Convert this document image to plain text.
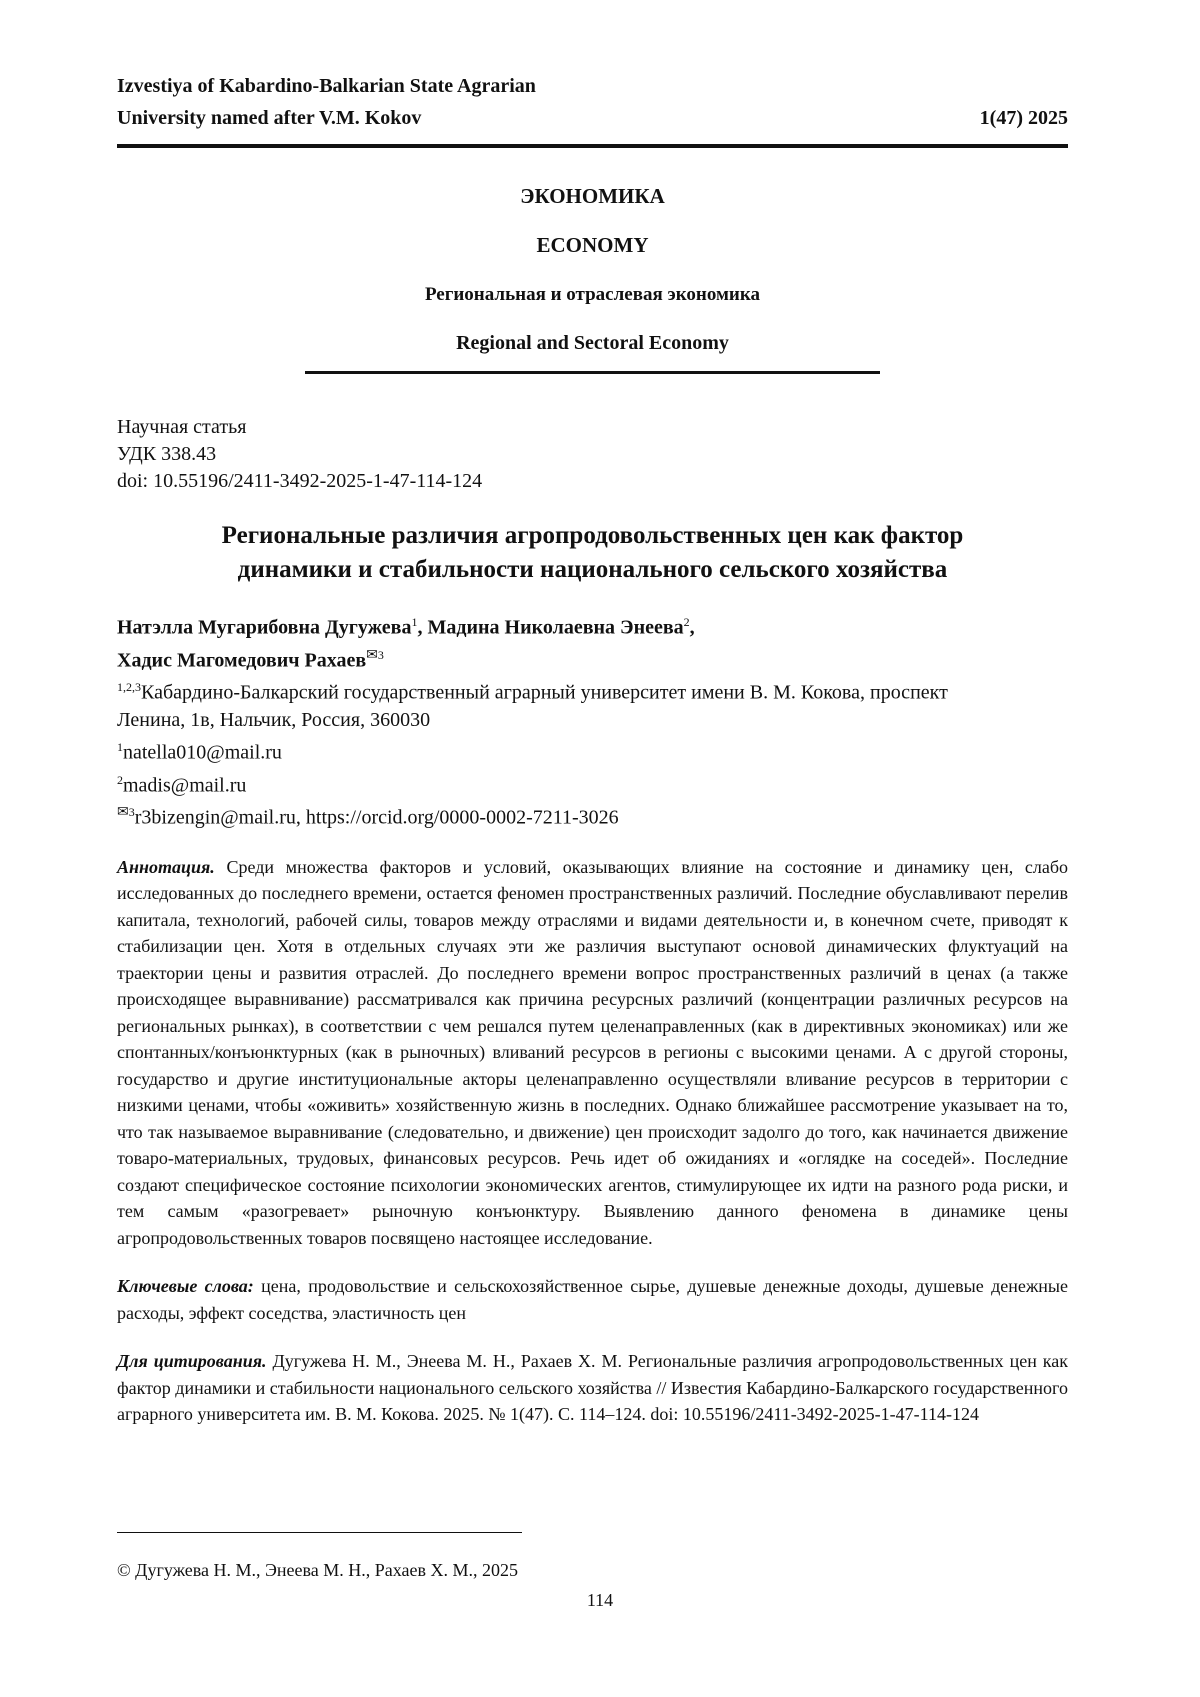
Izvestiya of Kabardino-Balkarian State Agrarian
University named after V.M. Kokov	1(47) 2025
ЭКОНОМИКА
ECONOMY
Региональная и отраслевая экономика
Regional and Sectoral Economy
Научная статья
УДК 338.43
doi: 10.55196/2411-3492-2025-1-47-114-124
Региональные различия агропродовольственных цен как фактор
динамики и стабильности национального сельского хозяйства
Натэлла Мугарибовна Дугужева1, Мадина Николаевна Энеева2,
Хадис Магомедович Рахаев✉3
1,2,3Кабардино-Балкарский государственный аграрный университет имени В. М. Кокова, проспект
Ленина, 1в, Нальчик, Россия, 360030
1natella010@mail.ru
2madis@mail.ru
✉3r3bizengin@mail.ru, https://orcid.org/0000-0002-7211-3026
Аннотация. Среди множества факторов и условий, оказывающих влияние на состояние и динамику цен, слабо исследованных до последнего времени, остается феномен пространственных различий. Последние обуславливают перелив капитала, технологий, рабочей силы, товаров между отраслями и видами деятельности и, в конечном счете, приводят к стабилизации цен. Хотя в отдельных случаях эти же различия выступают основой динамических флуктуаций на траектории цены и развития отраслей. До последнего времени вопрос пространственных различий в ценах (а также происходящее выравнивание) рассматривался как причина ресурсных различий (концентрации различных ресурсов на региональных рынках), в соответствии с чем решался путем целенаправленных (как в директивных экономиках) или же спонтанных/конъюнктурных (как в рыночных) вливаний ресурсов в регионы с высокими ценами. А с другой стороны, государство и другие институциональные акторы целенаправленно осуществляли вливание ресурсов в территории с низкими ценами, чтобы «оживить» хозяйственную жизнь в последних. Однако ближайшее рассмотрение указывает на то, что так называемое выравнивание (следовательно, и движение) цен происходит задолго до того, как начинается движение товаро-материальных, трудовых, финансовых ресурсов. Речь идет об ожиданиях и «оглядке на соседей». Последние создают специфическое состояние психологии экономических агентов, стимулирующее их идти на разного рода риски, и тем самым «разогревает» рыночную конъюнктуру. Выявлению данного феномена в динамике цены агропродовольственных товаров посвящено настоящее исследование.
Ключевые слова: цена, продовольствие и сельскохозяйственное сырье, душевые денежные доходы, душевые денежные расходы, эффект соседства, эластичность цен
Для цитирования. Дугужева Н. М., Энеева М. Н., Рахаев Х. М. Региональные различия агропродовольственных цен как фактор динамики и стабильности национального сельского хозяйства // Известия Кабардино-Балкарского государственного аграрного университета им. В. М. Кокова. 2025. № 1(47). С. 114–124. doi: 10.55196/2411-3492-2025-1-47-114-124
© Дугужева Н. М., Энеева М. Н., Рахаев Х. М., 2025
114
